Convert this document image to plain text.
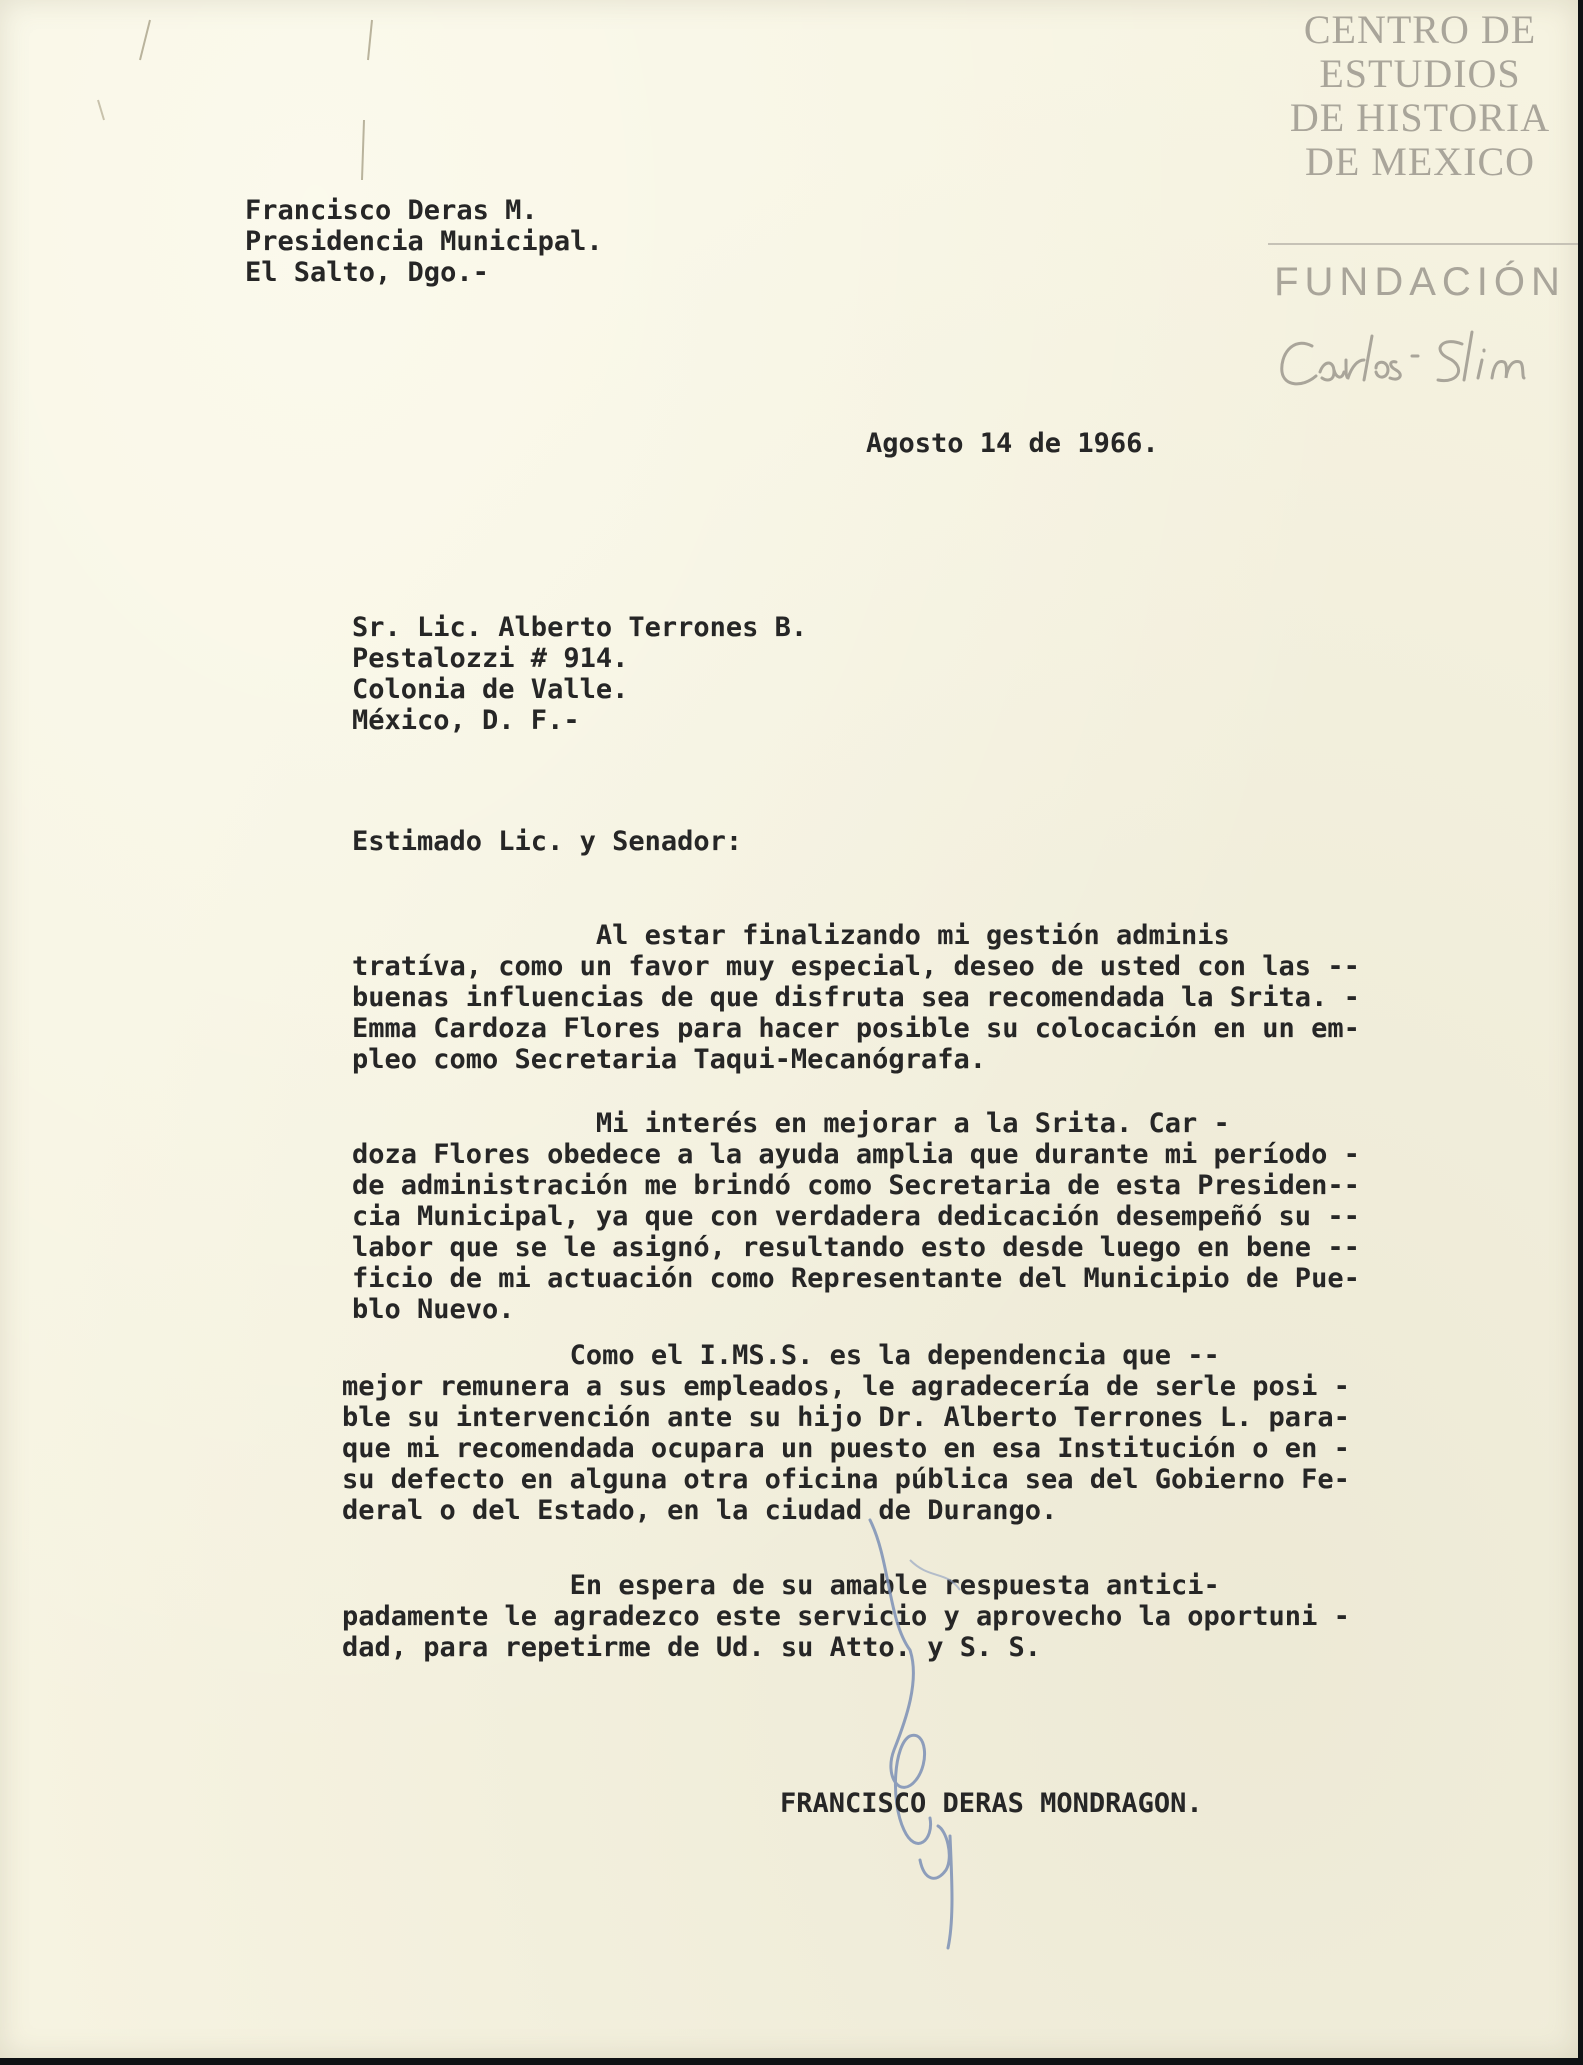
CENTRO DE
ESTUDIOS
DE HISTORIA
DE MEXICO
FUNDACIÓN

Francisco Deras M.

Presidencia Municipal.

El Salto, Dgo.-

Agosto 14 de 1966.

Sr. Lic. Alberto Terrones B.

Pestalozzi # 914.

Colonia de Valle.

México, D. F.-

Estimado Lic. y Senador:

Al estar finalizando mi gestión adminis

tratíva, como un favor muy especial, deseo de usted con las --

buenas influencias de que disfruta sea recomendada la Srita. -

Emma Cardoza Flores para hacer posible su colocación en un em-

pleo como Secretaria Taqui-Mecanógrafa.

Mi interés en mejorar a la Srita. Car -

doza Flores obedece a la ayuda amplia que durante mi período -

de administración me brindó como Secretaria de esta Presiden--

cia Municipal, ya que con verdadera dedicación desempeñó su --

labor que se le asignó, resultando esto desde luego en bene --

ficio de mi actuación como Representante del Municipio de Pue-

blo Nuevo.

Como el I.MS.S. es la dependencia que --

mejor remunera a sus empleados, le agradecería de serle posi -

ble su intervención ante su hijo Dr. Alberto Terrones L. para-

que mi recomendada ocupara un puesto en esa Institución o en -

su defecto en alguna otra oficina pública sea del Gobierno Fe-

deral o del Estado, en la ciudad de Durango.

En espera de su amable respuesta antici-

padamente le agradezco este servicio y aprovecho la oportuni -

dad, para repetirme de Ud. su Atto. y S. S.

FRANCISCO DERAS MONDRAGON.
